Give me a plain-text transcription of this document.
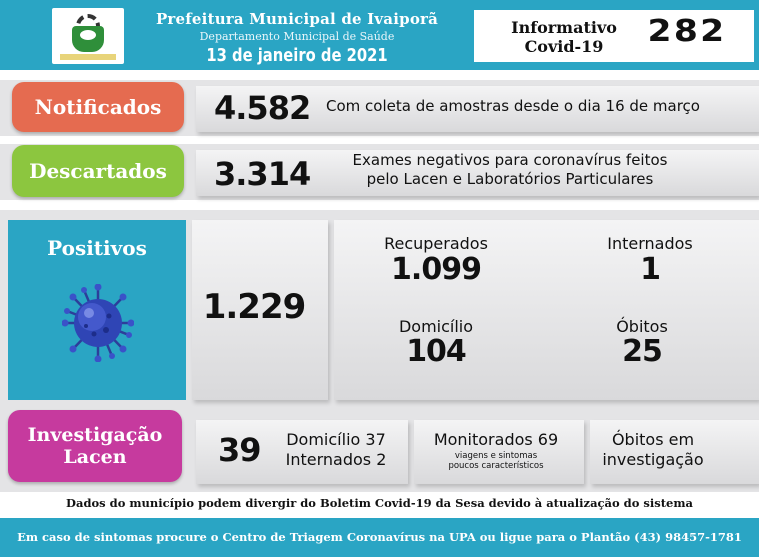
Prefeitura Municipal de Ivaiporã
Departamento Municipal de Saúde
13 de janeiro de 2021
Informativo
Covid-19	282
Notificados	4.582	Com coleta de amostras desde o dia 16 de março
Descartados	3.314	Exames negativos para coronavírus feitos
pelo Lacen e Laboratórios Particulares
Positivos
1.229
Recuperados
1.099
Internados
1
Domicílio
104
Óbitos
25
Investigação
Lacen	39	Domicílio 37
Internados 2
Monitorados 69
viagens e sintomas
poucos característicos
Óbitos em
investigação
Dados do município podem divergir do Boletim Covid-19 da Sesa devido à atualização do sistema
Em caso de sintomas procure o Centro de Triagem Coronavírus na UPA ou ligue para o Plantão (43) 98457-1781
